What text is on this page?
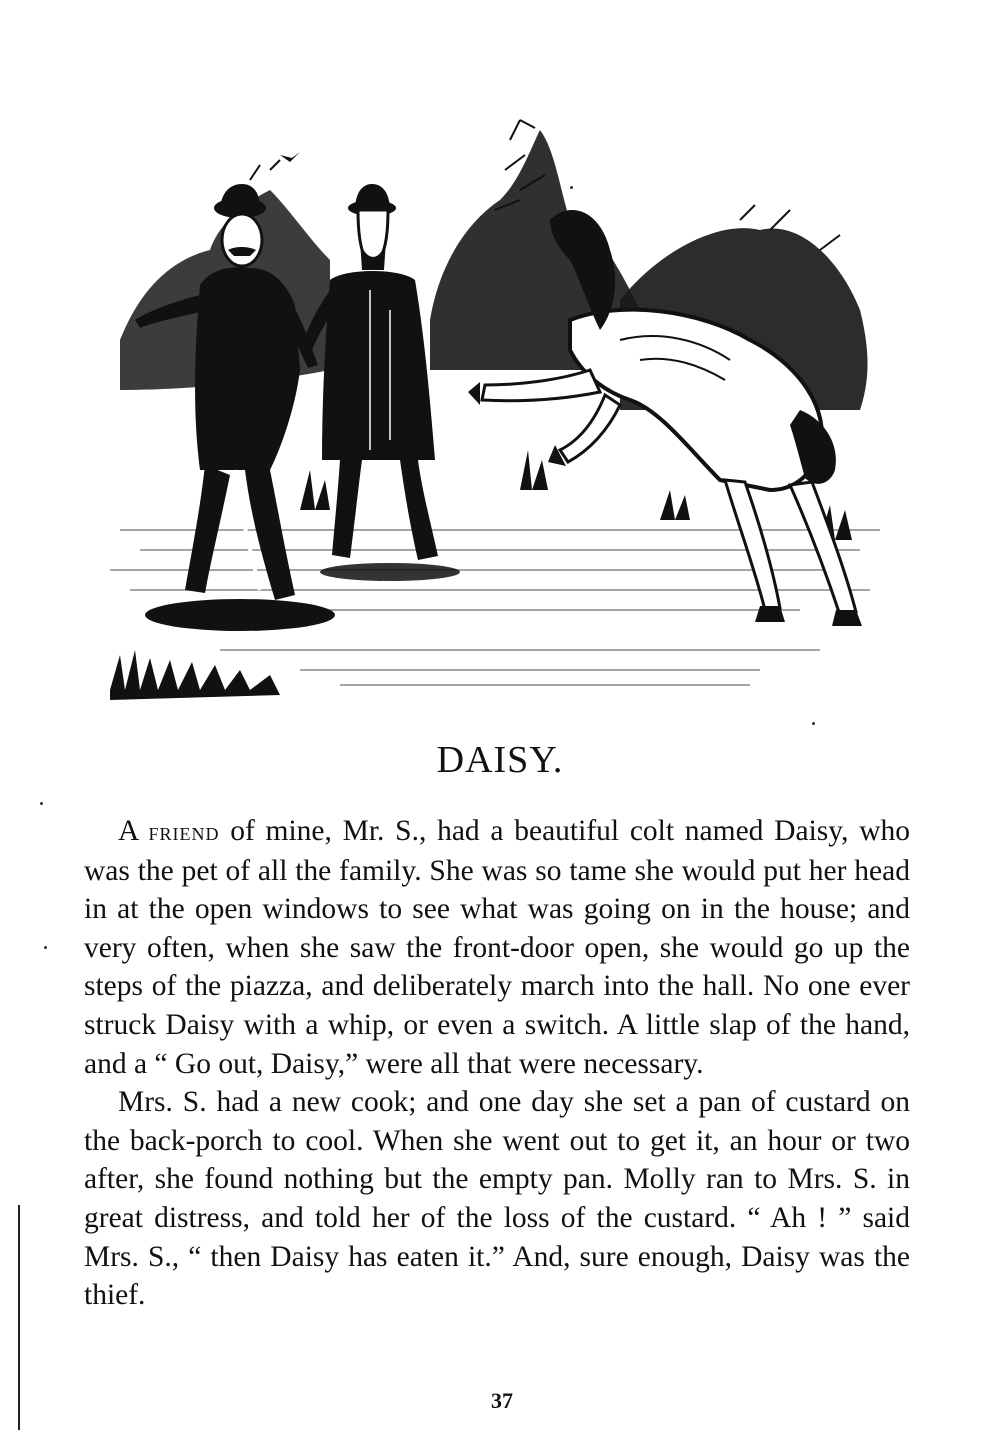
DAISY.

A friend of mine, Mr. S., had a beautiful colt named Daisy, who was the pet of all the family. She was so tame she would put her head in at the open windows to see what was going on in the house; and very often, when she saw the front-door open, she would go up the steps of the piazza, and deliberately march into the hall. No one ever struck Daisy with a whip, or even a switch. A little slap of the hand, and a “ Go out, Daisy,” were all that were necessary.

Mrs. S. had a new cook; and one day she set a pan of custard on the back-porch to cool. When she went out to get it, an hour or two after, she found nothing but the empty pan. Molly ran to Mrs. S. in great distress, and told her of the loss of the custard. “ Ah ! ” said Mrs. S., “ then Daisy has eaten it.” And, sure enough, Daisy was the thief.

37
